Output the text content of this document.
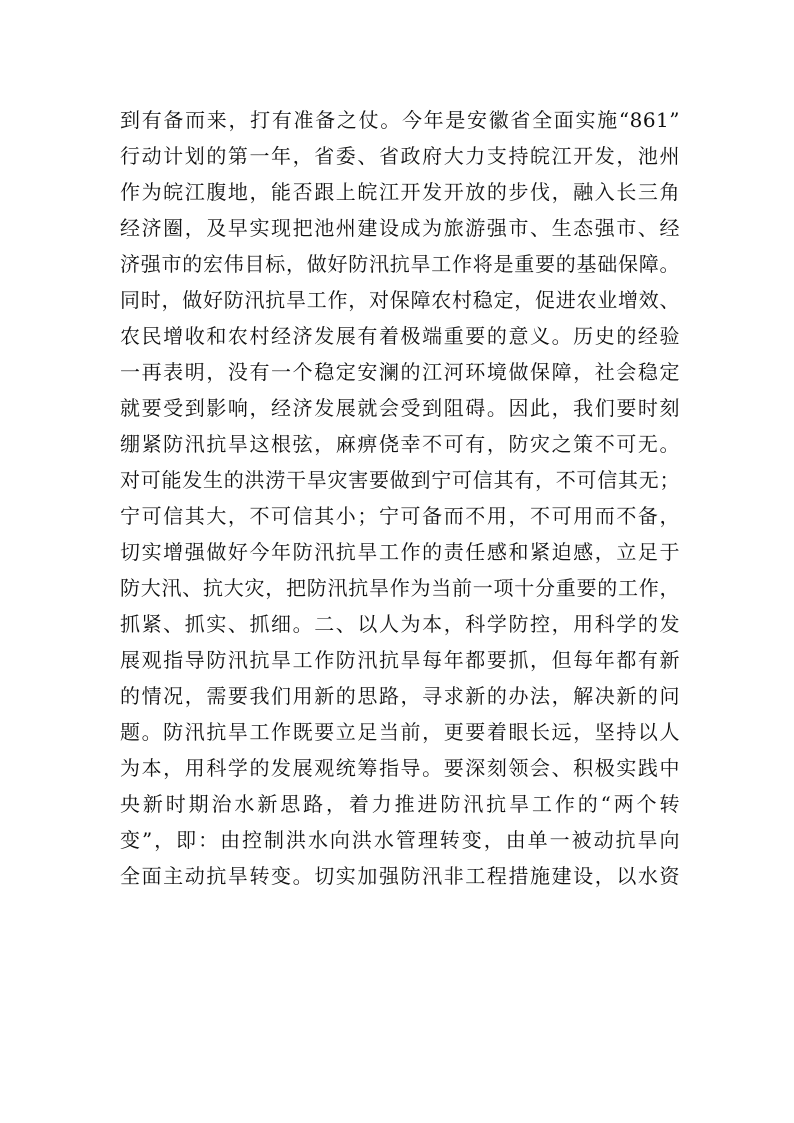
到有备而来，打有准备之仗。今年是安徽省全面实施“861”
行动计划的第一年，省委、省政府大力支持皖江开发，池州
作为皖江腹地，能否跟上皖江开发开放的步伐，融入长三角
经济圈，及早实现把池州建设成为旅游强市、生态强市、经
济强市的宏伟目标，做好防汛抗旱工作将是重要的基础保障。
同时，做好防汛抗旱工作，对保障农村稳定，促进农业增效、
农民增收和农村经济发展有着极端重要的意义。历史的经验
一再表明，没有一个稳定安澜的江河环境做保障，社会稳定
就要受到影响，经济发展就会受到阻碍。因此，我们要时刻
绷紧防汛抗旱这根弦，麻痹侥幸不可有，防灾之策不可无。
对可能发生的洪涝干旱灾害要做到宁可信其有，不可信其无；
宁可信其大，不可信其小；宁可备而不用，不可用而不备，
切实增强做好今年防汛抗旱工作的责任感和紧迫感，立足于
防大汛、抗大灾，把防汛抗旱作为当前一项十分重要的工作，
抓紧、抓实、抓细。二、以人为本，科学防控，用科学的发
展观指导防汛抗旱工作防汛抗旱每年都要抓，但每年都有新
的情况，需要我们用新的思路，寻求新的办法，解决新的问
题。防汛抗旱工作既要立足当前，更要着眼长远，坚持以人
为本，用科学的发展观统筹指导。要深刻领会、积极实践中
央新时期治水新思路，着力推进防汛抗旱工作的“两个转
变”，即：由控制洪水向洪水管理转变，由单一被动抗旱向
全面主动抗旱转变。切实加强防汛非工程措施建设，以水资
